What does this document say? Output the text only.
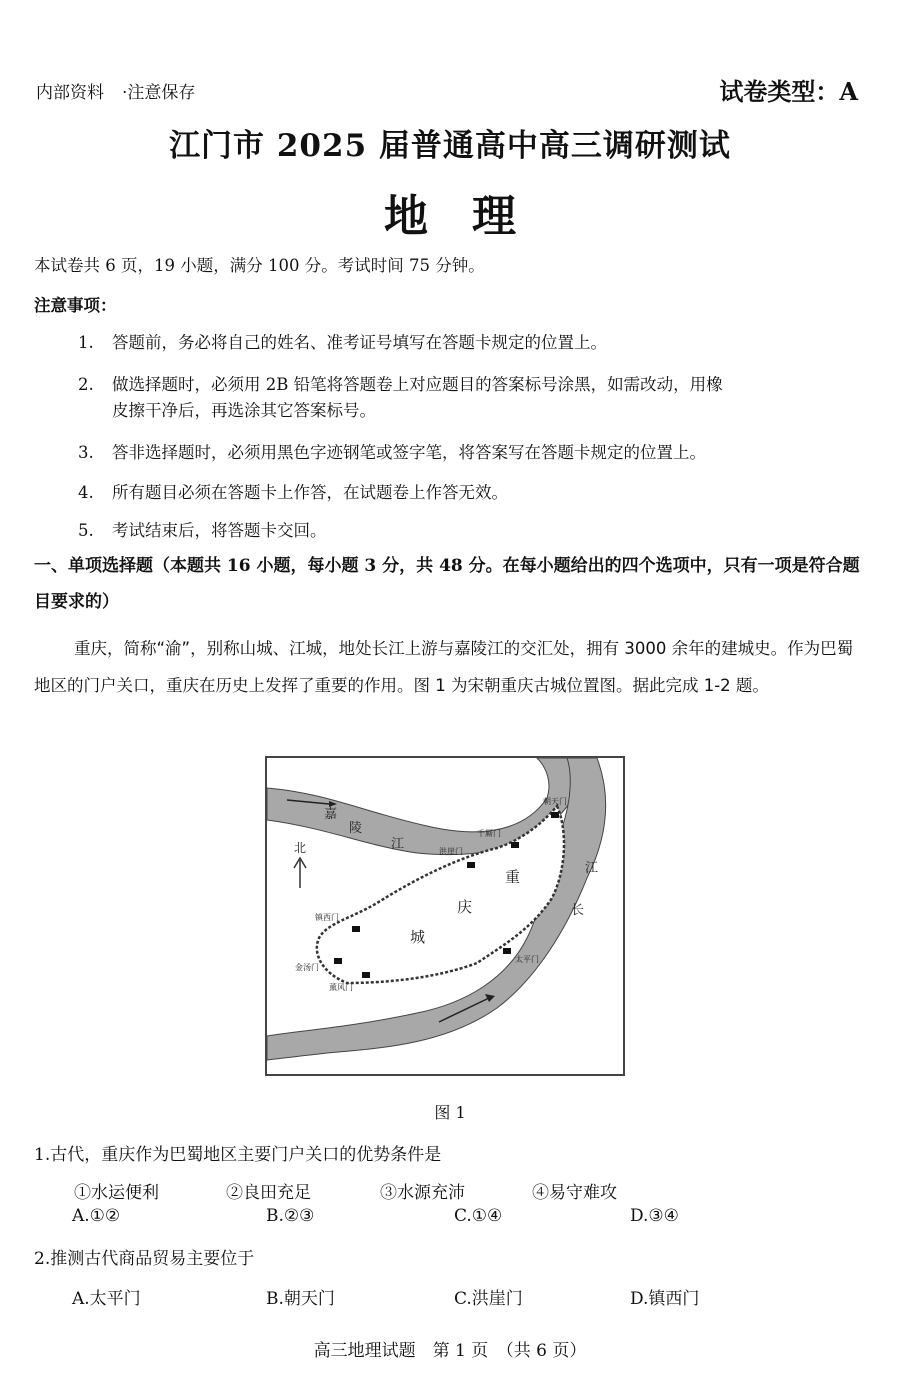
内部资料 ·注意保存	试卷类型：A
江门市 2025 届普通高中高三调研测试
地理
本试卷共 6 页，19 小题，满分 100 分。考试时间 75 分钟。
注意事项：
1. 答题前，务必将自己的姓名、准考证号填写在答题卡规定的位置上。
2. 做选择题时，必须用 2B 铅笔将答题卷上对应题目的答案标号涂黑，如需改动，用橡
皮擦干净后，再选涂其它答案标号。
3. 答非选择题时，必须用黑色字迹钢笔或签字笔，将答案写在答题卡规定的位置上。
4. 所有题目必须在答题卡上作答，在试题卷上作答无效。
5. 考试结束后，将答题卡交回。
一、单项选择题（本题共 16 小题，每小题 3 分，共 48 分。在每小题给出的四个选项中，只有一项是符合题目要求的）
重庆，简称“渝”，别称山城、江城，地处长江上游与嘉陵江的交汇处，拥有 3000 余年的建城史。作为巴蜀地区的门户关口，重庆在历史上发挥了重要的作用。图 1 为宋朝重庆古城位置图。据此完成 1-2 题。
北
嘉
陵
江
江
长
重
庆
城
朝天门
千厮门
洪崖门
镇西门
金汤门
薰风门
太平门
图 1
1.古代，重庆作为巴蜀地区主要门户关口的优势条件是
①水运便利	②良田充足	③水源充沛	④易守难攻
A.①②	B.②③	C.①④	D.③④
2.推测古代商品贸易主要位于
A.太平门	B.朝天门	C.洪崖门	D.镇西门
高三地理试题　第 1 页　（共 6 页）
